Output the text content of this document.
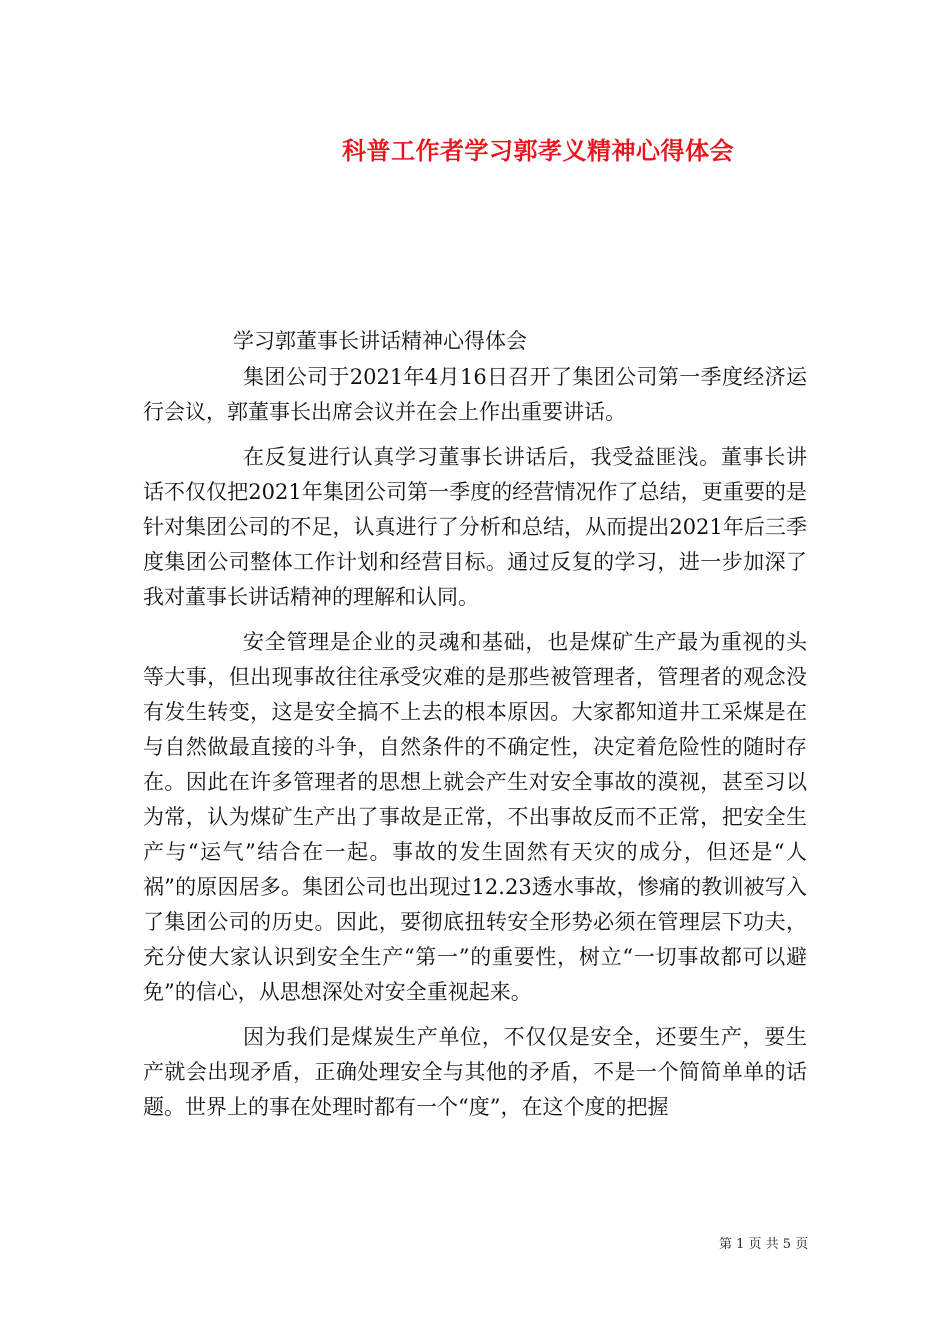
科普工作者学习郭孝义精神心得体会
学习郭董事长讲话精神心得体会

集团公司于2021年4月16日召开了集团公司第一季度经济运行会议，郭董事长出席会议并在会上作出重要讲话。

在反复进行认真学习董事长讲话后，我受益匪浅。董事长讲话不仅仅把2021年集团公司第一季度的经营情况作了总结，更重要的是针对集团公司的不足，认真进行了分析和总结，从而提出2021年后三季度集团公司整体工作计划和经营目标。通过反复的学习，进一步加深了我对董事长讲话精神的理解和认同。

安全管理是企业的灵魂和基础，也是煤矿生产最为重视的头等大事，但出现事故往往承受灾难的是那些被管理者，管理者的观念没有发生转变，这是安全搞不上去的根本原因。大家都知道井工采煤是在与自然做最直接的斗争，自然条件的不确定性，决定着危险性的随时存在。因此在许多管理者的思想上就会产生对安全事故的漠视，甚至习以为常，认为煤矿生产出了事故是正常，不出事故反而不正常，把安全生产与“运气”结合在一起。事故的发生固然有天灾的成分，但还是“人祸”的原因居多。集团公司也出现过12.23透水事故，惨痛的教训被写入了集团公司的历史。因此，要彻底扭转安全形势必须在管理层下功夫，充分使大家认识到安全生产“第一”的重要性，树立“一切事故都可以避免”的信心，从思想深处对安全重视起来。

因为我们是煤炭生产单位，不仅仅是安全，还要生产，要生产就会出现矛盾，正确处理安全与其他的矛盾，不是一个简简单单的话题。世界上的事在处理时都有一个“度”，在这个度的把握

第 1 页 共 5 页
